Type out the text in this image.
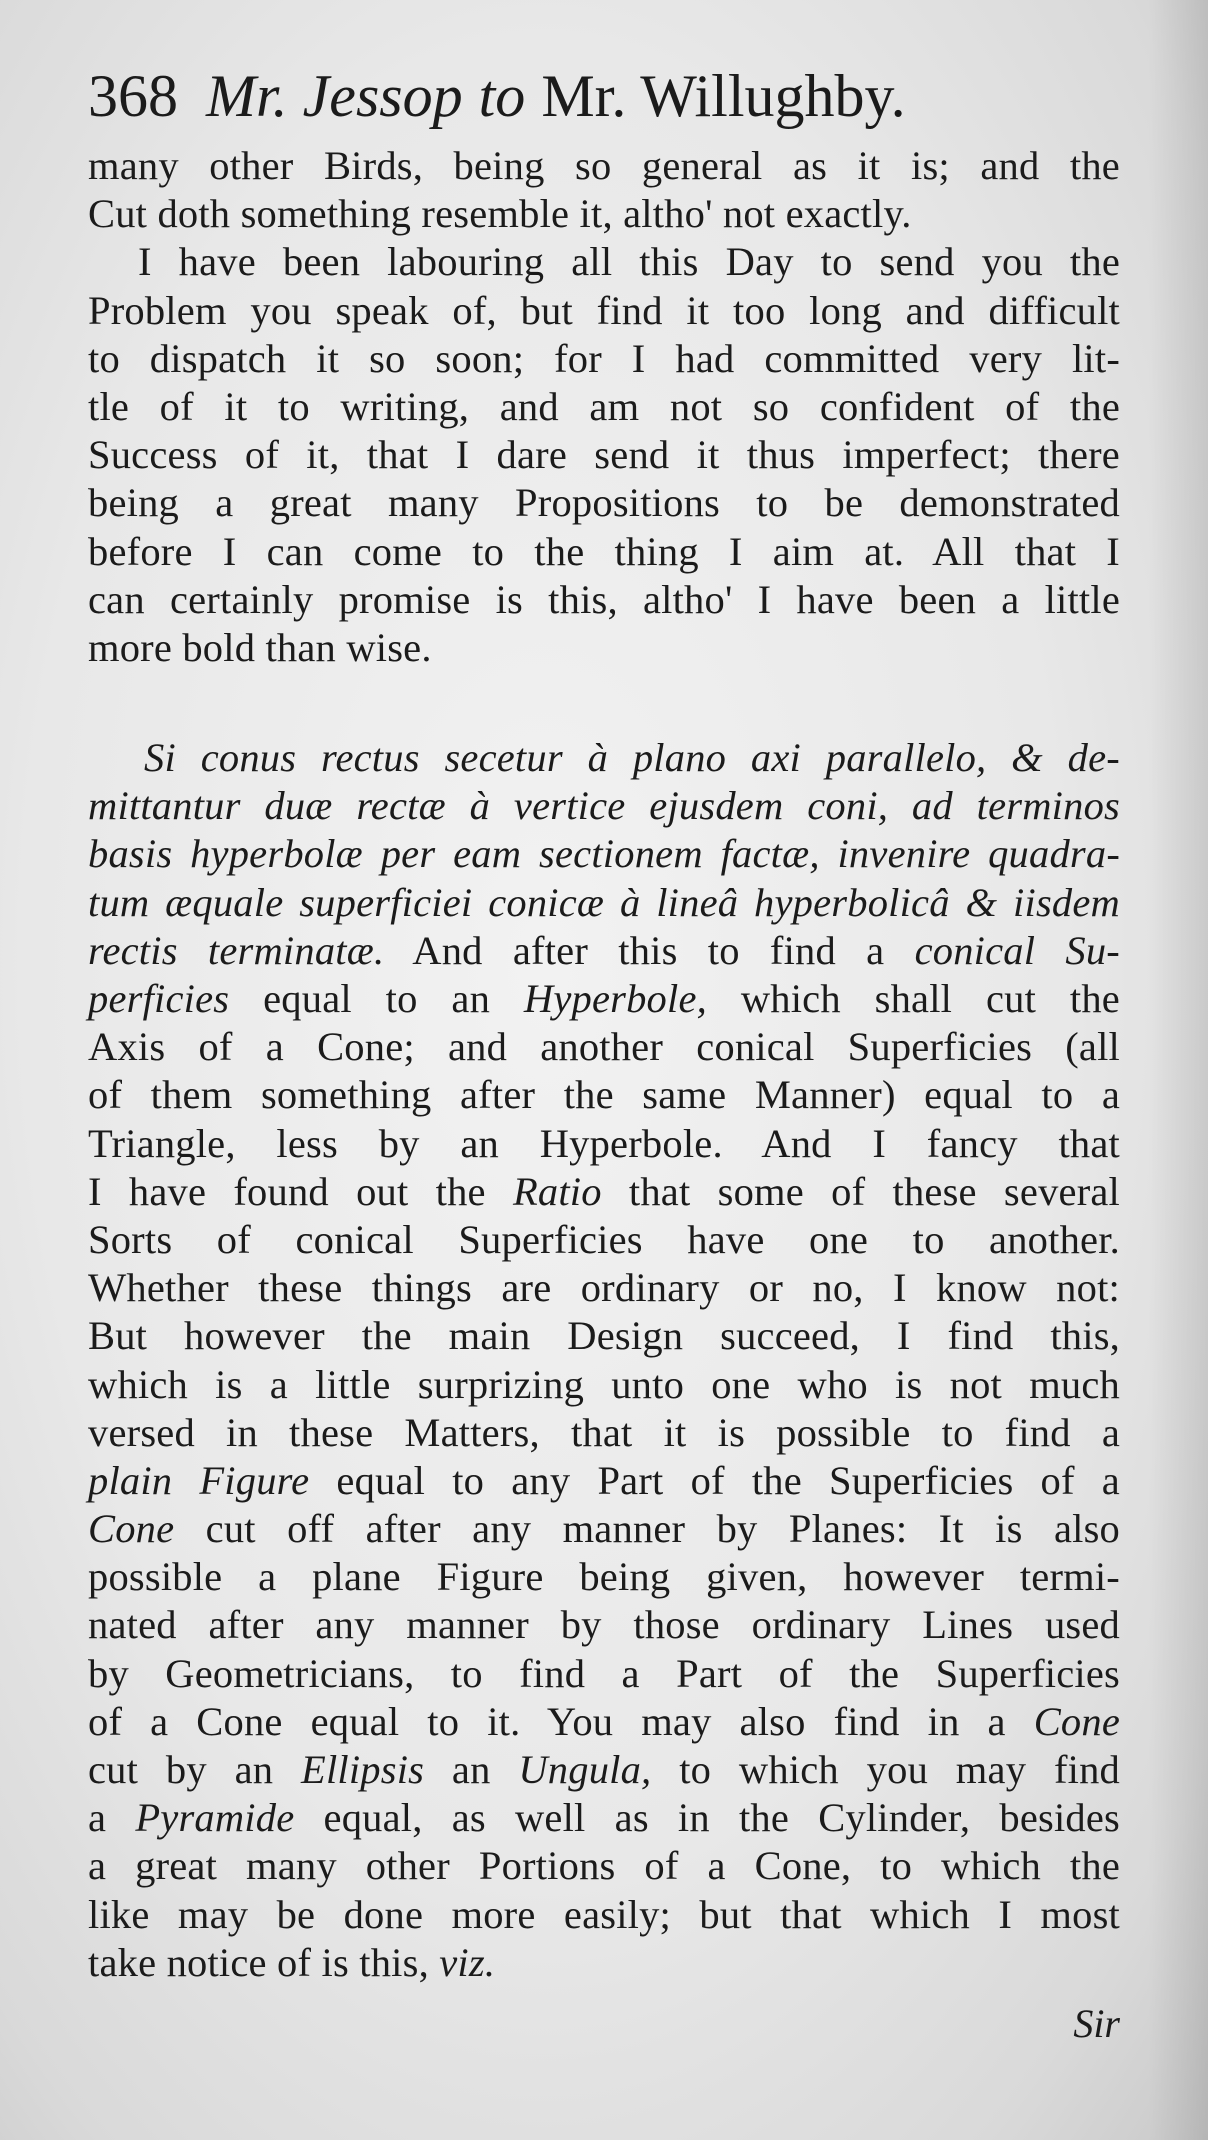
368 Mr. Jessop to Mr. Willughby.
many other Birds, being so general as it is; and the
Cut doth something resemble it, altho' not exactly.
I have been labouring all this Day to send you the
Problem you speak of, but find it too long and difficult
to dispatch it so soon; for I had committed very lit-
tle of it to writing, and am not so confident of the
Success of it, that I dare send it thus imperfect; there
being a great many Propositions to be demonstrated
before I can come to the thing I aim at. All that I
can certainly promise is this, altho' I have been a little
more bold than wise.
Si conus rectus secetur à plano axi parallelo, & de-
mittantur duæ rectæ à vertice ejusdem coni, ad terminos
basis hyperbolæ per eam sectionem factæ, invenire quadra-
tum æquale superficiei conicæ à lineâ hyperbolicâ & iisdem
rectis terminatæ. And after this to find a conical Su-
perficies equal to an Hyperbole, which shall cut the
Axis of a Cone; and another conical Superficies (all
of them something after the same Manner) equal to a
Triangle, less by an Hyperbole. And I fancy that
I have found out the Ratio that some of these several
Sorts of conical Superficies have one to another.
Whether these things are ordinary or no, I know not:
But however the main Design succeed, I find this,
which is a little surprizing unto one who is not much
versed in these Matters, that it is possible to find a
plain Figure equal to any Part of the Superficies of a
Cone cut off after any manner by Planes: It is also
possible a plane Figure being given, however termi-
nated after any manner by those ordinary Lines used
by Geometricians, to find a Part of the Superficies
of a Cone equal to it. You may also find in a Cone
cut by an Ellipsis an Ungula, to which you may find
a Pyramide equal, as well as in the Cylinder, besides
a great many other Portions of a Cone, to which the
like may be done more easily; but that which I most
take notice of is this, viz.
Sir
